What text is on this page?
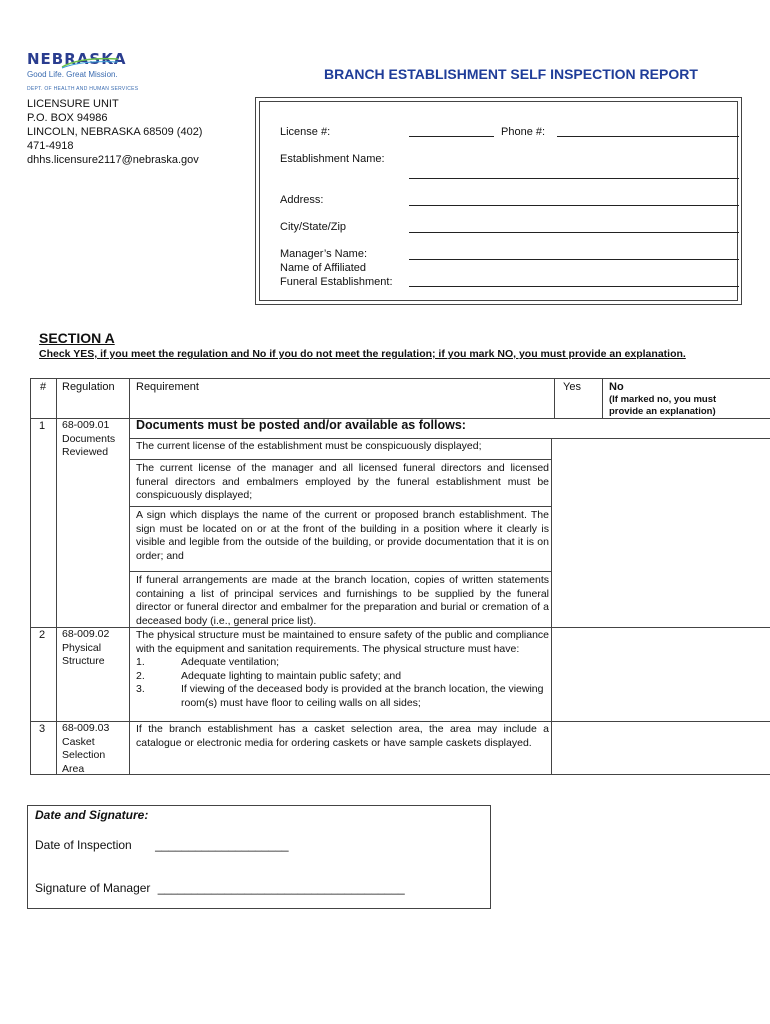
NEBRASKA
Good Life. Great Mission.
DEPT. OF HEALTH AND HUMAN SERVICES
BRANCH ESTABLISHMENT SELF INSPECTION REPORT
LICENSURE UNIT
P.O. BOX 94986
LINCOLN, NEBRASKA 68509 (402)
471-4918
dhhs.licensure2117@nebraska.gov
License #:	Phone #:
Establishment Name:
Address:
City/State/Zip
Manager’s Name:
Name of Affiliated
Funeral Establishment:
SECTION A
Check YES, if you meet the regulation and No if you do not meet the regulation; if you mark NO, you must provide an explanation.
# Regulation Requirement	Yes	No
(If marked no, you must
provide an explanation)
1 68-009.01
Documents
Reviewed
Documents must be posted and/or available as follows:
The current license of the establishment must be conspicuously displayed;
The current license of the manager and all licensed funeral directors and licensed funeral directors and embalmers employed by the funeral establishment must be conspicuously displayed;
A sign which displays the name of the current or proposed branch establishment. The sign must be located on or at the front of the building in a position where it clearly is visible and legible from the outside of the building, or provide documentation that it is on order; and
If funeral arrangements are made at the branch location, copies of written statements containing a list of principal services and furnishings to be supplied by the funeral director or funeral director and embalmer for the preparation and burial or cremation of a deceased body (i.e., general price list).
2 68-009.02
Physical
Structure
The physical structure must be maintained to ensure safety of the public and compliance with the equipment and sanitation requirements. The physical structure must have:
1.	Adequate ventilation;
2.	Adequate lighting to maintain public safety; and
3.	If viewing of the deceased body is provided at the branch location, the viewing room(s) must have floor to ceiling walls on all sides;
3 68-009.03
Casket
Selection
Area
If the branch establishment has a casket selection area, the area may include a catalogue or electronic media for ordering caskets or have sample caskets displayed.
Date and Signature:
Date of Inspection ____________________
Signature of Manager _____________________________________
